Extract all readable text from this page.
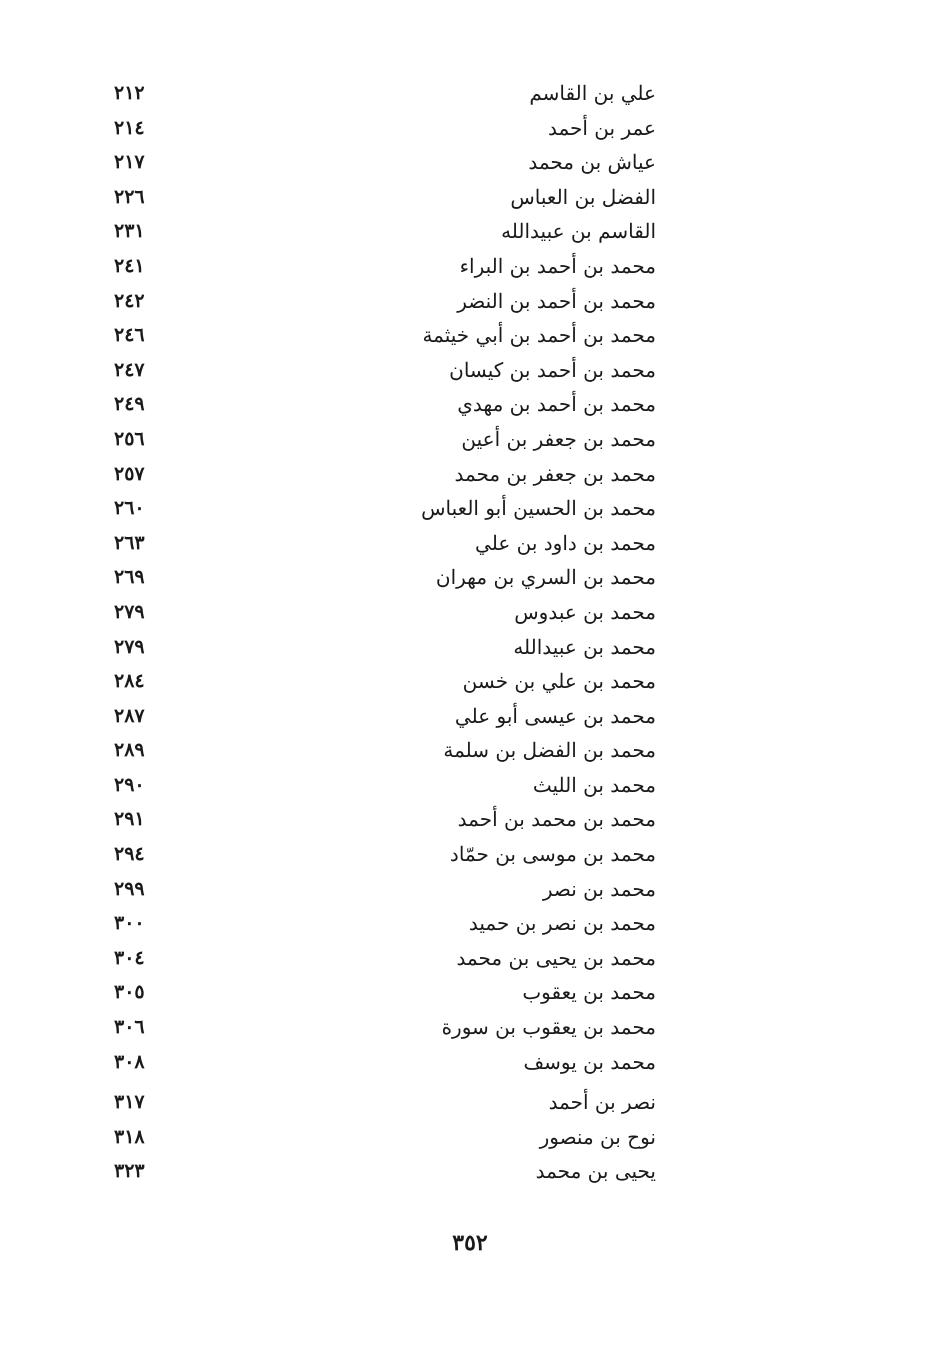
علي بن القاسم
٢١٢
عمر بن أحمد
٢١٤
عياش بن محمد
٢١٧
الفضل بن العباس
٢٢٦
القاسم بن عبيدالله
٢٣١
محمد بن أحمد بن البراء
٢٤١
محمد بن أحمد بن النضر
٢٤٢
محمد بن أحمد بن أبي خيثمة
٢٤٦
محمد بن أحمد بن كيسان
٢٤٧
محمد بن أحمد بن مهدي
٢٤٩
محمد بن جعفر بن أعين
٢٥٦
محمد بن جعفر بن محمد
٢٥٧
محمد بن الحسين أبو العباس
٢٦٠
محمد بن داود بن علي
٢٦٣
محمد بن السري بن مهران
٢٦٩
محمد بن عبدوس
٢٧٩
محمد بن عبيدالله
٢٧٩
محمد بن علي بن خسن
٢٨٤
محمد بن عيسى أبو علي
٢٨٧
محمد بن الفضل بن سلمة
٢٨٩
محمد بن الليث
٢٩٠
محمد بن محمد بن أحمد
٢٩١
محمد بن موسى بن حمّاد
٢٩٤
محمد بن نصر
٢٩٩
محمد بن نصر بن حميد
٣٠٠
محمد بن يحيى بن محمد
٣٠٤
محمد بن يعقوب
٣٠٥
محمد بن يعقوب بن سورة
٣٠٦
محمد بن يوسف
٣٠٨
نصر بن أحمد
٣١٧
نوح بن منصور
٣١٨
يحيى بن محمد
٣٢٣
٣٥٢
